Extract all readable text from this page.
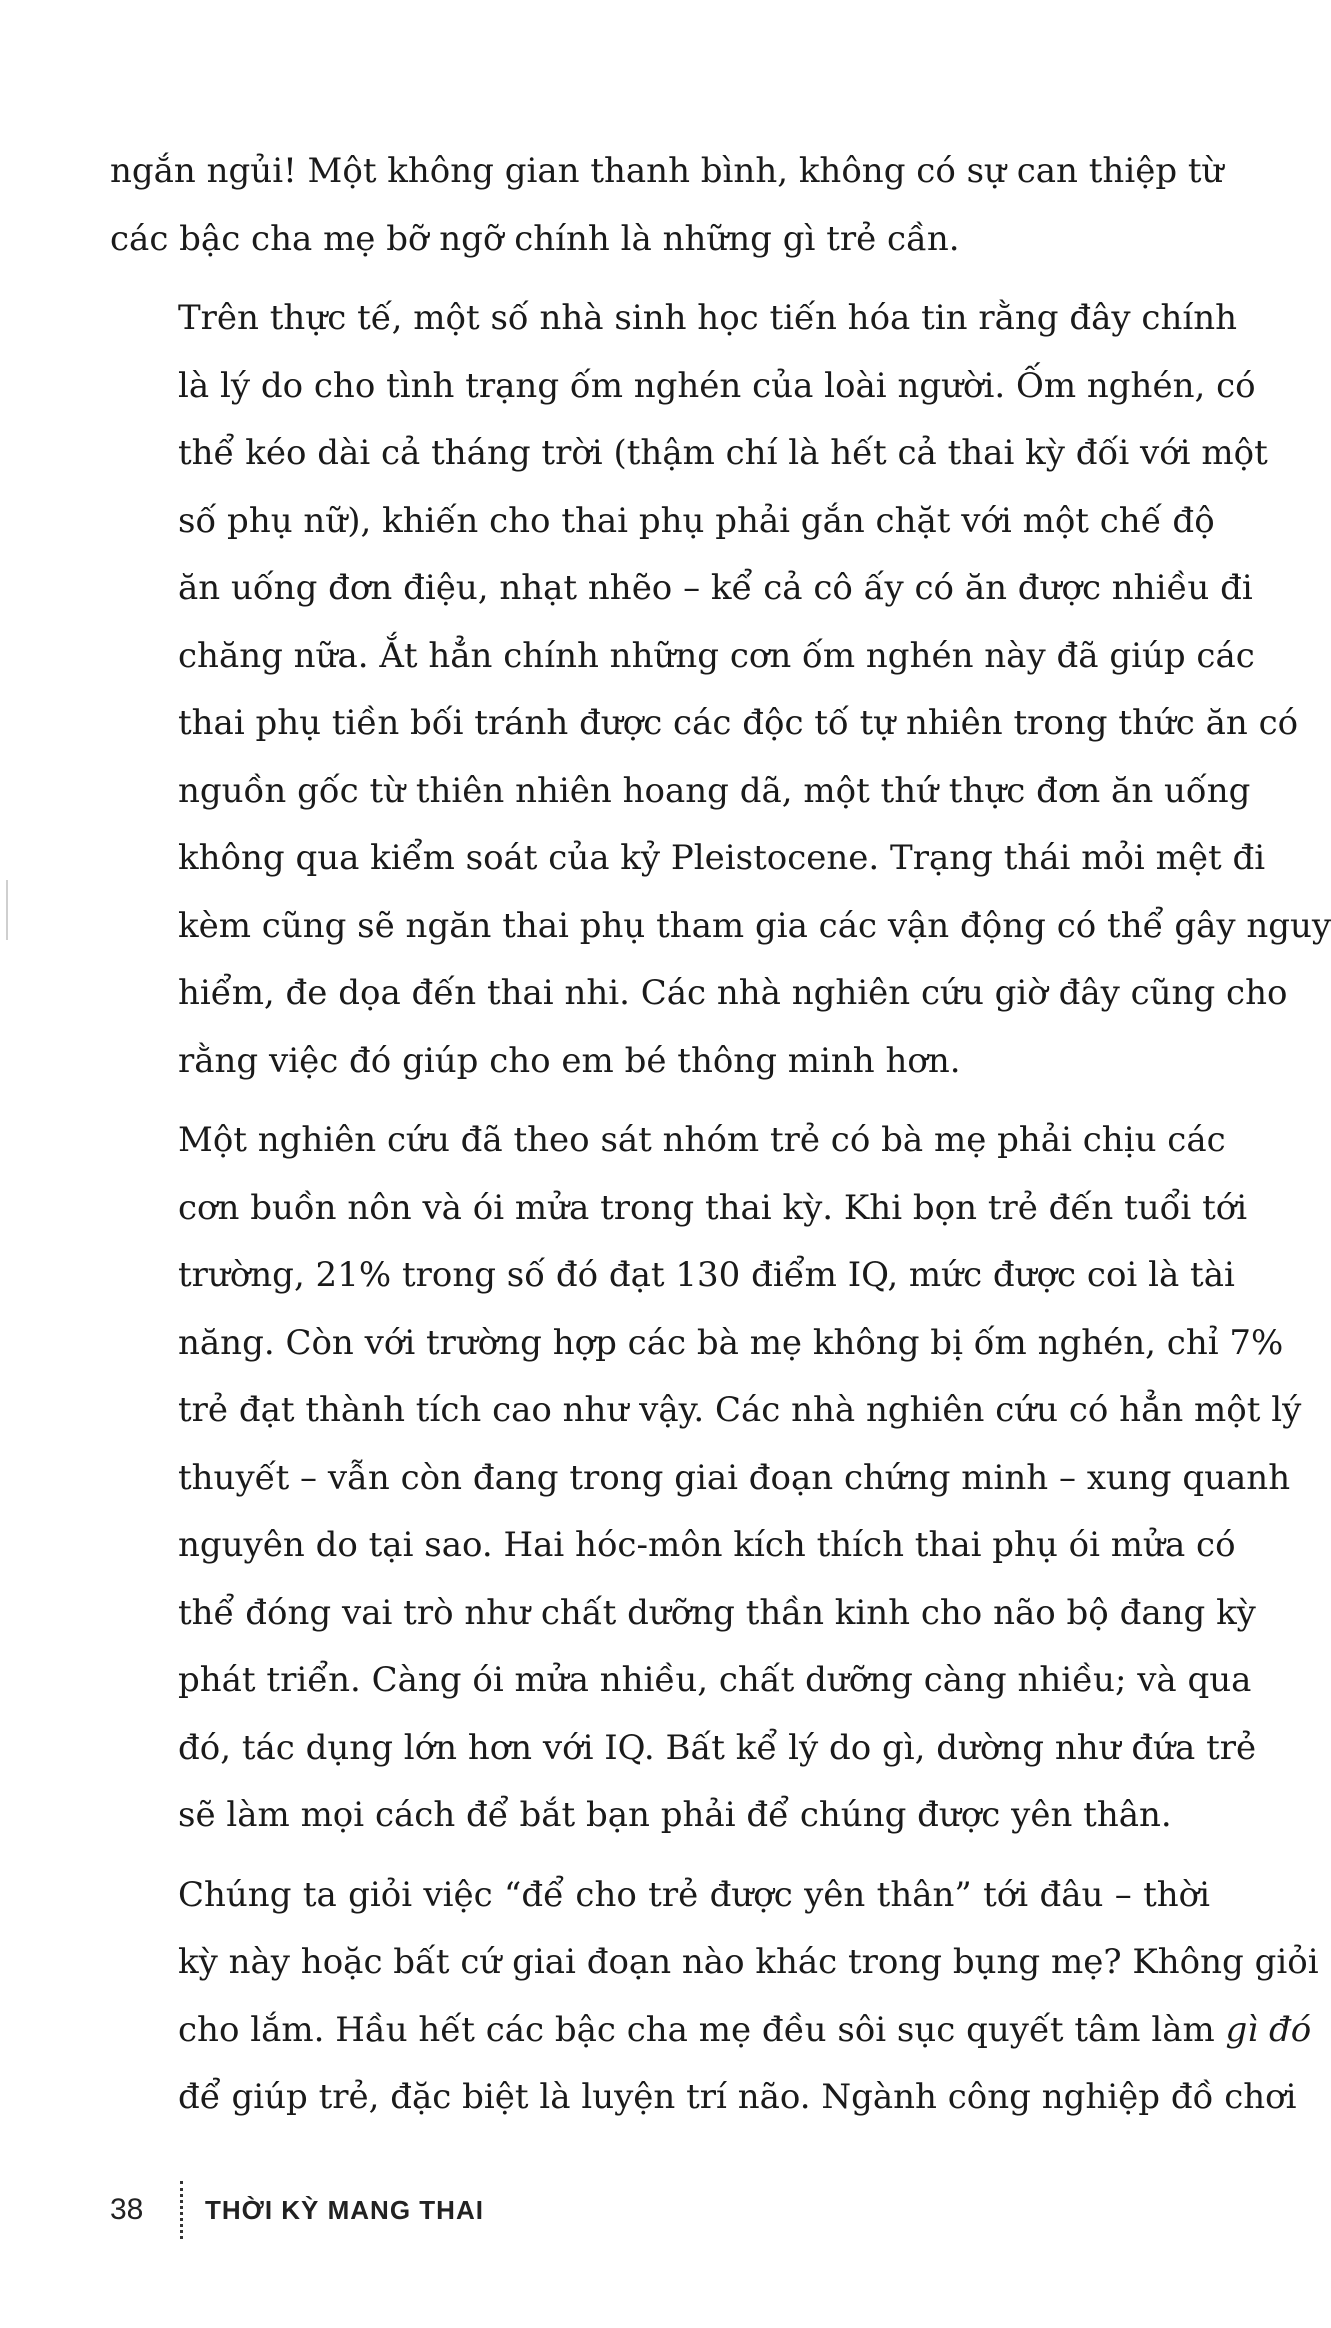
ngắn ngủi! Một không gian thanh bình, không có sự can thiệp từ
các bậc cha mẹ bỡ ngỡ chính là những gì trẻ cần.

Trên thực tế, một số nhà sinh học tiến hóa tin rằng đây chính
là lý do cho tình trạng ốm nghén của loài người. Ốm nghén, có
thể kéo dài cả tháng trời (thậm chí là hết cả thai kỳ đối với một
số phụ nữ), khiến cho thai phụ phải gắn chặt với một chế độ
ăn uống đơn điệu, nhạt nhẽo – kể cả cô ấy có ăn được nhiều đi
chăng nữa. Ắt hẳn chính những cơn ốm nghén này đã giúp các
thai phụ tiền bối tránh được các độc tố tự nhiên trong thức ăn có
nguồn gốc từ thiên nhiên hoang dã, một thứ thực đơn ăn uống
không qua kiểm soát của kỷ Pleistocene. Trạng thái mỏi mệt đi
kèm cũng sẽ ngăn thai phụ tham gia các vận động có thể gây nguy
hiểm, đe dọa đến thai nhi. Các nhà nghiên cứu giờ đây cũng cho
rằng việc đó giúp cho em bé thông minh hơn.

Một nghiên cứu đã theo sát nhóm trẻ có bà mẹ phải chịu các
cơn buồn nôn và ói mửa trong thai kỳ. Khi bọn trẻ đến tuổi tới
trường, 21% trong số đó đạt 130 điểm IQ, mức được coi là tài
năng. Còn với trường hợp các bà mẹ không bị ốm nghén, chỉ 7%
trẻ đạt thành tích cao như vậy. Các nhà nghiên cứu có hẳn một lý
thuyết – vẫn còn đang trong giai đoạn chứng minh – xung quanh
nguyên do tại sao. Hai hóc-môn kích thích thai phụ ói mửa có
thể đóng vai trò như chất dưỡng thần kinh cho não bộ đang kỳ
phát triển. Càng ói mửa nhiều, chất dưỡng càng nhiều; và qua
đó, tác dụng lớn hơn với IQ. Bất kể lý do gì, dường như đứa trẻ
sẽ làm mọi cách để bắt bạn phải để chúng được yên thân.

Chúng ta giỏi việc “để cho trẻ được yên thân” tới đâu – thời
kỳ này hoặc bất cứ giai đoạn nào khác trong bụng mẹ? Không giỏi
cho lắm. Hầu hết các bậc cha mẹ đều sôi sục quyết tâm làm gì đó
để giúp trẻ, đặc biệt là luyện trí não. Ngành công nghiệp đồ chơi

38	THỜI KỲ MANG THAI
